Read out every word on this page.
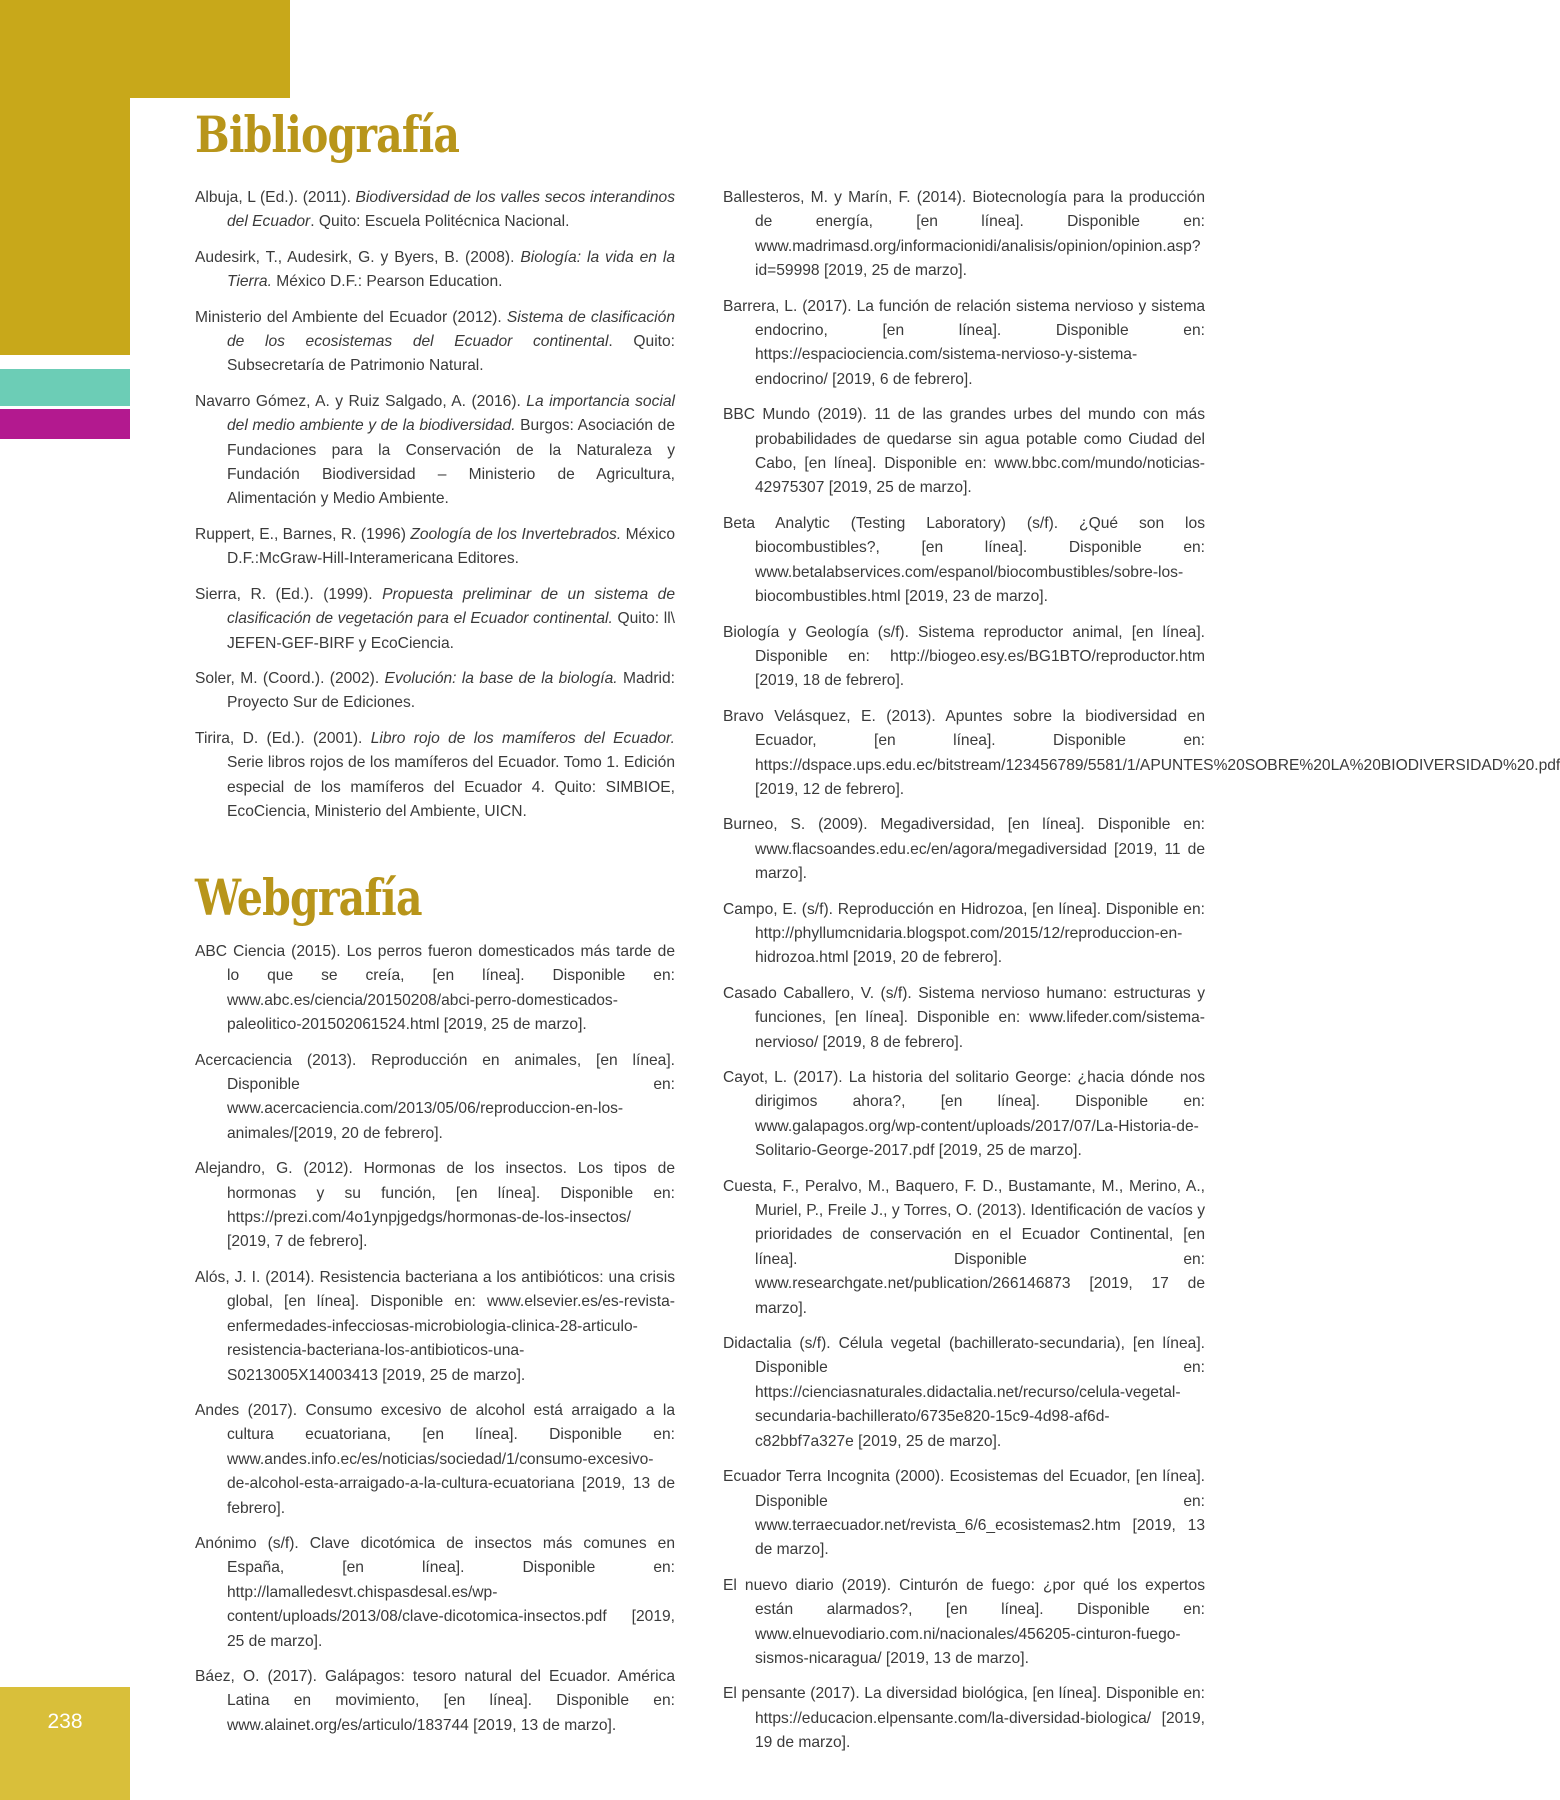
238
Bibliografía
Albuja, L (Ed.). (2011). Biodiversidad de los valles secos interandinos del Ecuador. Quito: Escuela Politécnica Nacional.
Audesirk, T., Audesirk, G. y Byers, B. (2008). Biología: la vida en la Tierra. México D.F.: Pearson Education.
Ministerio del Ambiente del Ecuador (2012). Sistema de clasificación de los ecosistemas del Ecuador continental. Quito: Subsecretaría de Patrimonio Natural.
Navarro Gómez, A. y Ruiz Salgado, A. (2016). La importancia social del medio ambiente y de la biodiversidad. Burgos: Asociación de Fundaciones para la Conservación de la Naturaleza y Fundación Biodiversidad – Ministerio de Agricultura, Alimentación y Medio Ambiente.
Ruppert, E., Barnes, R. (1996) Zoología de los Invertebrados. México D.F.:McGraw-Hill-Interamericana Editores.
Sierra, R. (Ed.). (1999). Propuesta preliminar de un sistema de clasificación de vegetación para el Ecuador continental. Quito: ll\ JEFEN-GEF-BIRF y EcoCiencia.
Soler, M. (Coord.). (2002). Evolución: la base de la biología. Madrid: Proyecto Sur de Ediciones.
Tirira, D. (Ed.). (2001). Libro rojo de los mamíferos del Ecuador. Serie libros rojos de los mamíferos del Ecuador. Tomo 1. Edición especial de los mamíferos del Ecuador 4. Quito: SIMBIOE, EcoCiencia, Ministerio del Ambiente, UICN.
Webgrafía
ABC Ciencia (2015). Los perros fueron domesticados más tarde de lo que se creía, [en línea]. Disponible en: www.abc.es/ciencia/20150208/abci-perro-domesticados-paleolitico-201502061524.html [2019, 25 de marzo].
Acercaciencia (2013). Reproducción en animales, [en línea]. Disponible en: www.acercaciencia.com/2013/05/06/reproduccion-en-los-animales/[2019, 20 de febrero].
Alejandro, G. (2012). Hormonas de los insectos. Los tipos de hormonas y su función, [en línea]. Disponible en: https://prezi.com/4o1ynpjgedgs/hormonas-de-los-insectos/ [2019, 7 de febrero].
Alós, J. I. (2014). Resistencia bacteriana a los antibióticos: una crisis global, [en línea]. Disponible en: www.elsevier.es/es-revista-enfermedades-infecciosas-microbiologia-clinica-28-articulo-resistencia-bacteriana-los-antibioticos-una-S0213005X14003413 [2019, 25 de marzo].
Andes (2017). Consumo excesivo de alcohol está arraigado a la cultura ecuatoriana, [en línea]. Disponible en: www.andes.info.ec/es/noticias/sociedad/1/consumo-excesivo-de-alcohol-esta-arraigado-a-la-cultura-ecuatoriana [2019, 13 de febrero].
Anónimo (s/f). Clave dicotómica de insectos más comunes en España, [en línea]. Disponible en: http://lamalledesvt.chispasdesal.es/wp-content/uploads/2013/08/clave-dicotomica-insectos.pdf [2019, 25 de marzo].
Báez, O. (2017). Galápagos: tesoro natural del Ecuador. América Latina en movimiento, [en línea]. Disponible en: www.alainet.org/es/articulo/183744 [2019, 13 de marzo].
Ballesteros, M. y Marín, F. (2014). Biotecnología para la producción de energía, [en línea]. Disponible en: www.madrimasd.org/informacionidi/analisis/opinion/opinion.asp?id=59998 [2019, 25 de marzo].
Barrera, L. (2017). La función de relación sistema nervioso y sistema endocrino, [en línea]. Disponible en: https://espaciociencia.com/sistema-nervioso-y-sistema-endocrino/ [2019, 6 de febrero].
BBC Mundo (2019). 11 de las grandes urbes del mundo con más probabilidades de quedarse sin agua potable como Ciudad del Cabo, [en línea]. Disponible en: www.bbc.com/mundo/noticias-42975307 [2019, 25 de marzo].
Beta Analytic (Testing Laboratory) (s/f). ¿Qué son los biocombustibles?, [en línea]. Disponible en: www.betalabservices.com/espanol/biocombustibles/sobre-los-biocombustibles.html [2019, 23 de marzo].
Biología y Geología (s/f). Sistema reproductor animal, [en línea]. Disponible en: http://biogeo.esy.es/BG1BTO/reproductor.htm [2019, 18 de febrero].
Bravo Velásquez, E. (2013). Apuntes sobre la biodiversidad en Ecuador, [en línea]. Disponible en: https://dspace.ups.edu.ec/bitstream/123456789/5581/1/APUNTES%20SOBRE%20LA%20BIODIVERSIDAD%20.pdf [2019, 12 de febrero].
Burneo, S. (2009). Megadiversidad, [en línea]. Disponible en: www.flacsoandes.edu.ec/en/agora/megadiversidad [2019, 11 de marzo].
Campo, E. (s/f). Reproducción en Hidrozoa, [en línea]. Disponible en: http://phyllumcnidaria.blogspot.com/2015/12/reproduccion-en-hidrozoa.html [2019, 20 de febrero].
Casado Caballero, V. (s/f). Sistema nervioso humano: estructuras y funciones, [en línea]. Disponible en: www.lifeder.com/sistema-nervioso/ [2019, 8 de febrero].
Cayot, L. (2017). La historia del solitario George: ¿hacia dónde nos dirigimos ahora?, [en línea]. Disponible en: www.galapagos.org/wp-content/uploads/2017/07/La-Historia-de-Solitario-George-2017.pdf [2019, 25 de marzo].
Cuesta, F., Peralvo, M., Baquero, F. D., Bustamante, M., Merino, A., Muriel, P., Freile J., y Torres, O. (2013). Identificación de vacíos y prioridades de conservación en el Ecuador Continental, [en línea]. Disponible en: www.researchgate.net/publication/266146873 [2019, 17 de marzo].
Didactalia (s/f). Célula vegetal (bachillerato-secundaria), [en línea]. Disponible en: https://cienciasnaturales.didactalia.net/recurso/celula-vegetal-secundaria-bachillerato/6735e820-15c9-4d98-af6d-c82bbf7a327e [2019, 25 de marzo].
Ecuador Terra Incognita (2000). Ecosistemas del Ecuador, [en línea]. Disponible en: www.terraecuador.net/revista_6/6_ecosistemas2.htm [2019, 13 de marzo].
El nuevo diario (2019). Cinturón de fuego: ¿por qué los expertos están alarmados?, [en línea]. Disponible en: www.elnuevodiario.com.ni/nacionales/456205-cinturon-fuego-sismos-nicaragua/ [2019, 13 de marzo].
El pensante (2017). La diversidad biológica, [en línea]. Disponible en: https://educacion.elpensante.com/la-diversidad-biologica/ [2019, 19 de marzo].
